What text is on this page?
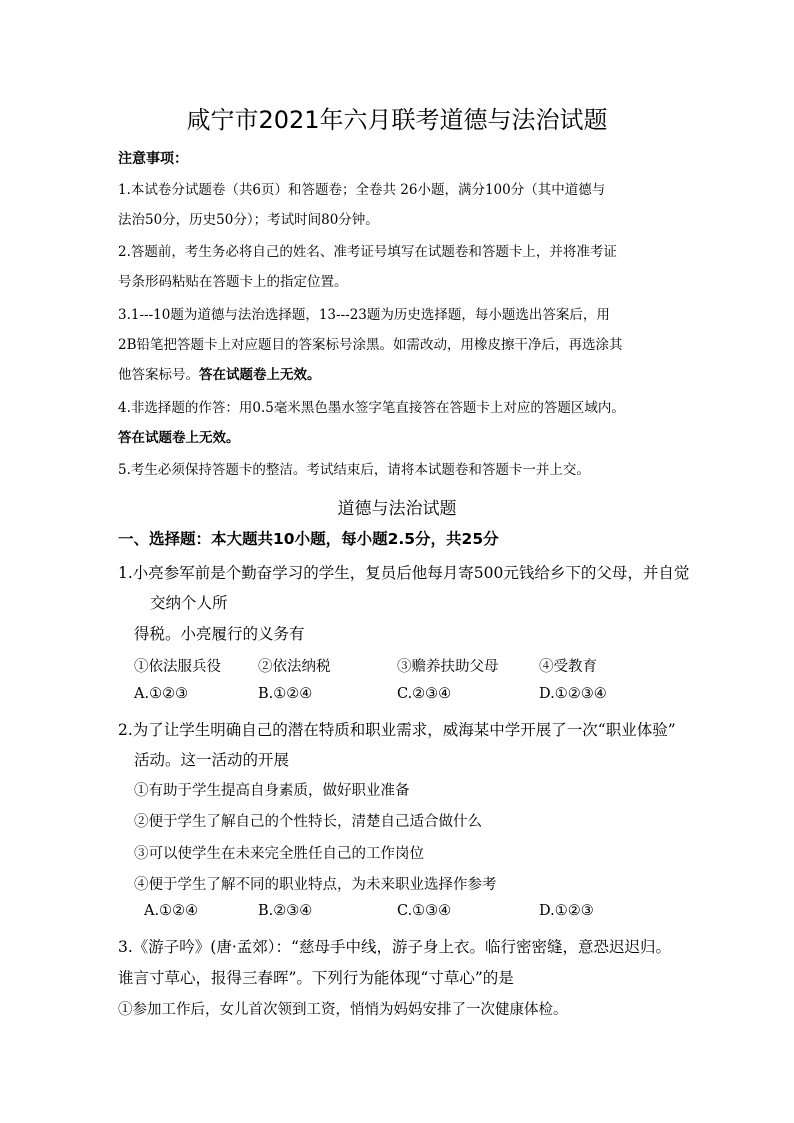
咸宁市2021年六月联考道德与法治试题
注意事项：
1.本试卷分试题卷（共6页）和答题卷；全卷共 26小题，满分100分（其中道德与
法治50分，历史50分）；考试时间80分钟。
2.答题前，考生务必将自己的姓名、准考证号填写在试题卷和答题卡上，并将准考证
号条形码粘贴在答题卡上的指定位置。
3.1---10题为道德与法治选择题，13---23题为历史选择题，每小题选出答案后，用
2B铅笔把答题卡上对应题目的答案标号涂黑。如需改动，用橡皮擦干净后，再选涂其
他答案标号。答在试题卷上无效。
4.非选择题的作答：用0.5毫米黑色墨水签字笔直接答在答题卡上对应的答题区域内。
答在试题卷上无效。
5.考生必须保持答题卡的整洁。考试结束后，请将本试题卷和答题卡一并上交。
道德与法治试题
一、选择题：本大题共10小题，每小题2.5分，共25分
1.小亮参军前是个勤奋学习的学生，复员后他每月寄500元钱给乡下的父母，并自觉
交纳个人所
得税。小亮履行的义务有
①依法服兵役	②依法纳税	③赡养扶助父母	④受教育
A.①②③	B.①②④	C.②③④	D.①②③④
2.为了让学生明确自己的潜在特质和职业需求，威海某中学开展了一次“职业体验”
活动。这一活动的开展
①有助于学生提高自身素质，做好职业准备
②便于学生了解自己的个性特长，清楚自己适合做什么
③可以使学生在未来完全胜任自己的工作岗位
④便于学生了解不同的职业特点，为未来职业选择作参考
A.①②④	B.②③④	C.①③④	D.①②③
3.《游子吟》(唐·孟郊）：“慈母手中线，游子身上衣。临行密密缝，意恐迟迟归。
谁言寸草心，报得三春晖”。下列行为能体现“寸草心”的是
①参加工作后，女儿首次领到工资，悄悄为妈妈安排了一次健康体检。
